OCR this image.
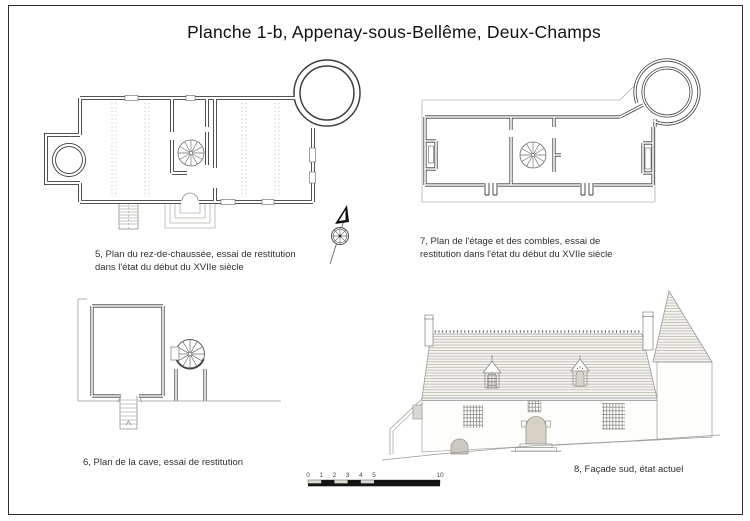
Planche 1-b, Appenay-sous-Bellême, Deux-Champs
5, Plan du rez-de-chaussée, essai de restitution
dans l'état du début du XVIIe siècle
7, Plan de l'étage et des combles, essai de
restitution dans l'état du début du XVIIe siècle
6, Plan de la cave, essai de restitution
8, Façade sud, état actuel
0 1 2 3 4 5	10
